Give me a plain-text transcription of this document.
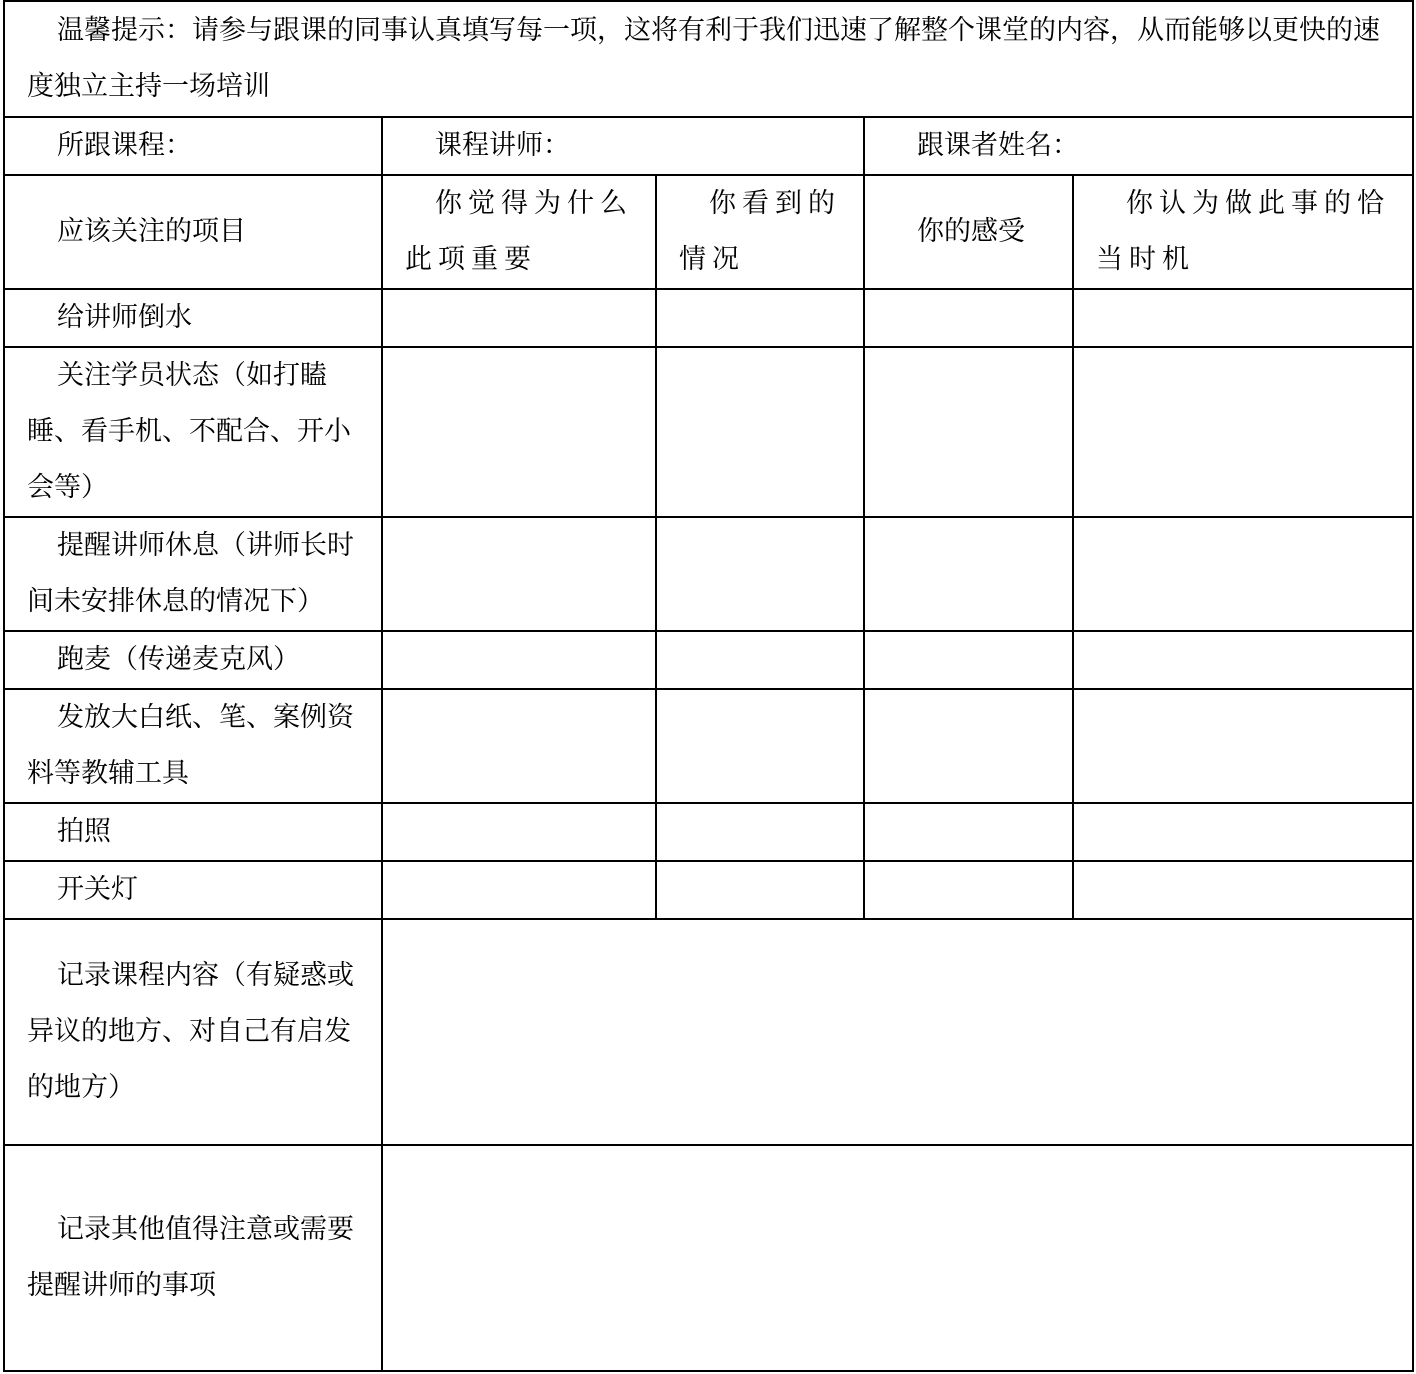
温馨提示：请参与跟课的同事认真填写每一项，这将有利于我们迅速了解整个课堂的内容，从而能够以更快的速度独立主持一场培训				
所跟课程：	课程讲师：		跟课者姓名：	
应该关注的项目	你觉得为什么此项重要	你看到的情况	你的感受	你认为做此事的恰当时机
给讲师倒水				
关注学员状态（如打瞌睡、看手机、不配合、开小会等）				
提醒讲师休息（讲师长时间未安排休息的情况下）				
跑麦（传递麦克风）				
发放大白纸、笔、案例资料等教辅工具				
拍照				
开关灯				
记录课程内容（有疑惑或异议的地方、对自己有启发的地方）				
记录其他值得注意或需要提醒讲师的事项				
